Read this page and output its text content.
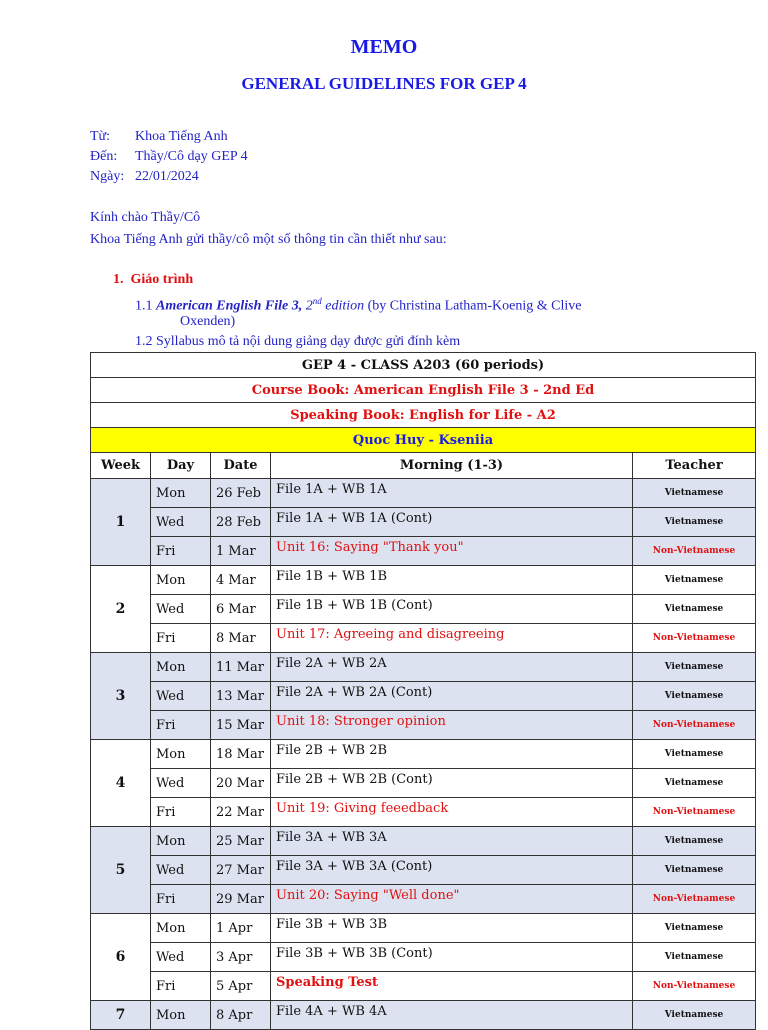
MEMO
GENERAL GUIDELINES FOR GEP 4
Từ: Khoa Tiếng Anh
Đến: Thầy/Cô dạy GEP 4
Ngày: 22/01/2024
Kính chào Thầy/Cô
Khoa Tiếng Anh gửi thầy/cô một số thông tin cần thiết như sau:
1. Giáo trình
1.1 American English File 3, 2nd edition (by Christina Latham-Koenig & Clive
Oxenden)
1.2 Syllabus mô tả nội dung giảng dạy được gửi đính kèm
GEP 4 - CLASS A203 (60 periods)				
Course Book: American English File 3 - 2nd Ed				
Speaking Book: English for Life - A2				
Quoc Huy - Kseniia				
Week	Day	Date	Morning (1-3)	Teacher
1	Mon	26 Feb	File 1A + WB 1A	Vietnamese
	Wed	28 Feb	File 1A + WB 1A (Cont)	Vietnamese
	Fri	1 Mar	Unit 16: Saying "Thank you"	Non-Vietnamese
2	Mon	4 Mar	File 1B + WB 1B	Vietnamese
	Wed	6 Mar	File 1B + WB 1B (Cont)	Vietnamese
	Fri	8 Mar	Unit 17: Agreeing and disagreeing	Non-Vietnamese
3	Mon	11 Mar	File 2A + WB 2A	Vietnamese
	Wed	13 Mar	File 2A + WB 2A (Cont)	Vietnamese
	Fri	15 Mar	Unit 18: Stronger opinion	Non-Vietnamese
4	Mon	18 Mar	File 2B + WB 2B	Vietnamese
	Wed	20 Mar	File 2B + WB 2B (Cont)	Vietnamese
	Fri	22 Mar	Unit 19: Giving feeedback	Non-Vietnamese
5	Mon	25 Mar	File 3A + WB 3A	Vietnamese
	Wed	27 Mar	File 3A + WB 3A (Cont)	Vietnamese
	Fri	29 Mar	Unit 20: Saying "Well done"	Non-Vietnamese
6	Mon	1 Apr	File 3B + WB 3B	Vietnamese
	Wed	3 Apr	File 3B + WB 3B (Cont)	Vietnamese
	Fri	5 Apr	Speaking Test	Non-Vietnamese
7	Mon	8 Apr	File 4A + WB 4A	Vietnamese
